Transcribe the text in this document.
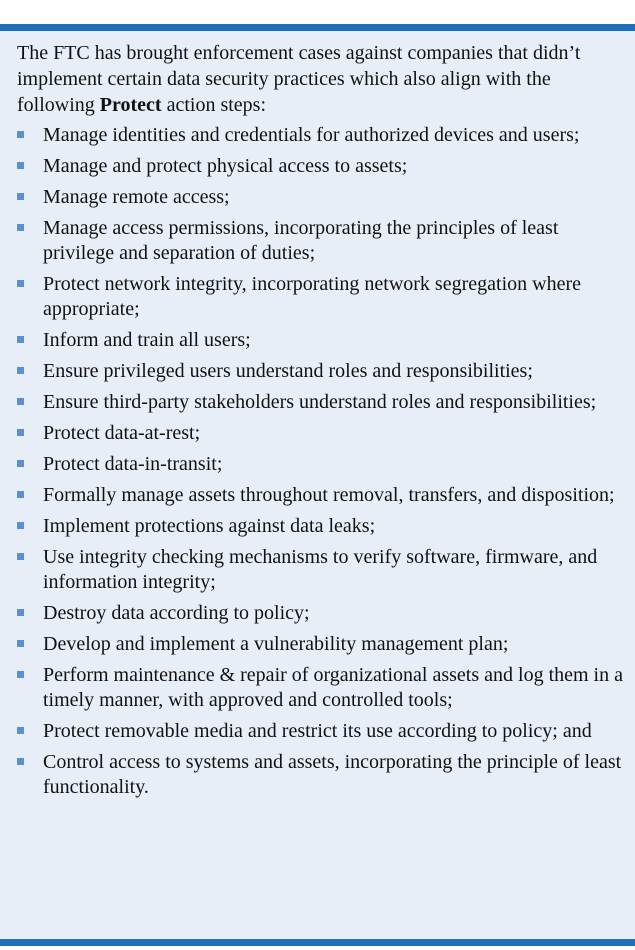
The FTC has brought enforcement cases against companies that didn’t implement certain data security practices which also align with the following Protect action steps:

Manage identities and credentials for authorized devices and users;
Manage and protect physical access to assets;
Manage remote access;
Manage access permissions, incorporating the principles of least privilege and separation of duties;
Protect network integrity, incorporating network segregation where appropriate;
Inform and train all users;
Ensure privileged users understand roles and responsibilities;
Ensure third-party stakeholders understand roles and responsibilities;
Protect data-at-rest;
Protect data-in-transit;
Formally manage assets throughout removal, transfers, and disposition;
Implement protections against data leaks;
Use integrity checking mechanisms to verify software, firmware, and information integrity;
Destroy data according to policy;
Develop and implement a vulnerability management plan;
Perform maintenance & repair of organizational assets and log them in a timely manner, with approved and controlled tools;
Protect removable media and restrict its use according to policy; and
Control access to systems and assets, incorporating the principle of least functionality.
